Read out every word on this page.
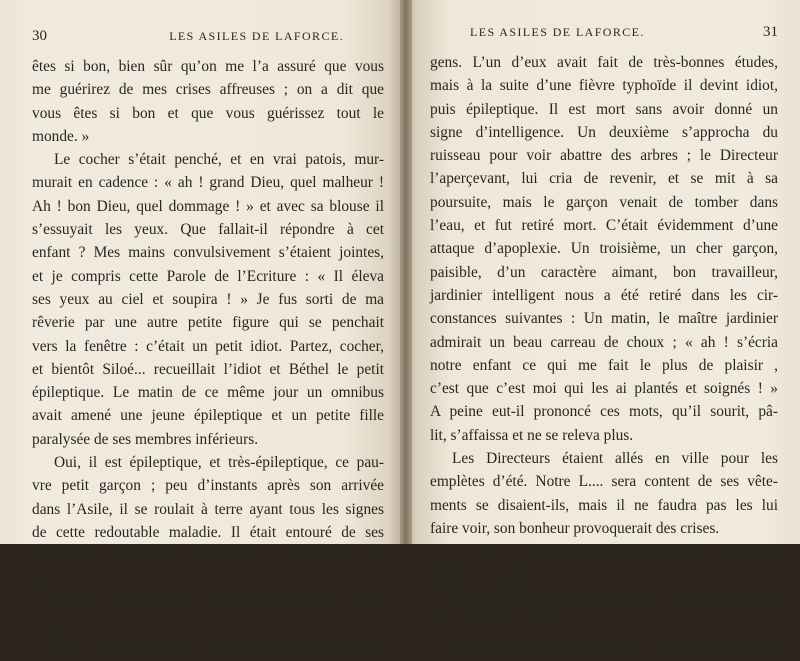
30	LES ASILES DE LAFORCE.
êtes si bon, bien sûr qu’on me l’a assuré que vous
me guérirez de mes crises affreuses ; on a dit que
vous êtes si bon et que vous guérissez tout le
monde. »
Le cocher s’était penché, et en vrai patois, mur-
murait en cadence : « ah ! grand Dieu, quel malheur !
Ah ! bon Dieu, quel dommage ! » et avec sa blouse il
s’essuyait les yeux. Que fallait-il répondre à cet
enfant ? Mes mains convulsivement s’étaient jointes,
et je compris cette Parole de l’Ecriture : « Il éleva
ses yeux au ciel et soupira ! » Je fus sorti de ma
rêverie par une autre petite figure qui se penchait
vers la fenêtre : c’était un petit idiot. Partez, cocher,
et bientôt Siloé... recueillait l’idiot et Béthel le petit
épileptique. Le matin de ce même jour un omnibus
avait amené une jeune épileptique et un petite fille
paralysée de ses membres inférieurs.
Oui, il est épileptique, et très-épileptique, ce pau-
vre petit garçon ; peu d’instants après son arrivée
dans l’Asile, il se roulait à terre ayant tous les signes
de cette redoutable maladie. Il était entouré de ses
vingt-trois camarades, tous aussi malheureux que
lui.
Béthel comme Siloé a traversé des temps diffi-
ciles.
Nous avons perdu en peu de mois quatre jeunes
LES ASILES DE LAFORCE.	31
gens. L’un d’eux avait fait de très-bonnes études,
mais à la suite d’une fièvre typhoïde il devint idiot,
puis épileptique. Il est mort sans avoir donné un
signe d’intelligence. Un deuxième s’approcha du
ruisseau pour voir abattre des arbres ; le Directeur
l’aperçevant, lui cria de revenir, et se mit à sa
poursuite, mais le garçon venait de tomber dans
l’eau, et fut retiré mort. C’était évidemment d’une
attaque d’apoplexie. Un troisième, un cher garçon,
paisible, d’un caractère aimant, bon travailleur,
jardinier intelligent nous a été retiré dans les cir-
constances suivantes : Un matin, le maître jardinier
admirait un beau carreau de choux ; « ah ! s’écria
notre enfant ce qui me fait le plus de plaisir ,
c’est que c’est moi qui les ai plantés et soignés ! »
A peine eut-il prononcé ces mots, qu’il sourit, pâ-
lit, s’affaissa et ne se releva plus.
Les Directeurs étaient allés en ville pour les
emplètes d’été. Notre L.... sera content de ses vête-
ments se disaient-ils, mais il ne faudra pas les lui
faire voir, son bonheur provoquerait des crises.
Ce que les vêtements n’ont pu produire, les choux
l’avaient procuré.
Pour nos pauvres épileptiques , nous pouvons
nous attendre à tout.
L’état sanitaire est satisfaisant ; presque tous nos
